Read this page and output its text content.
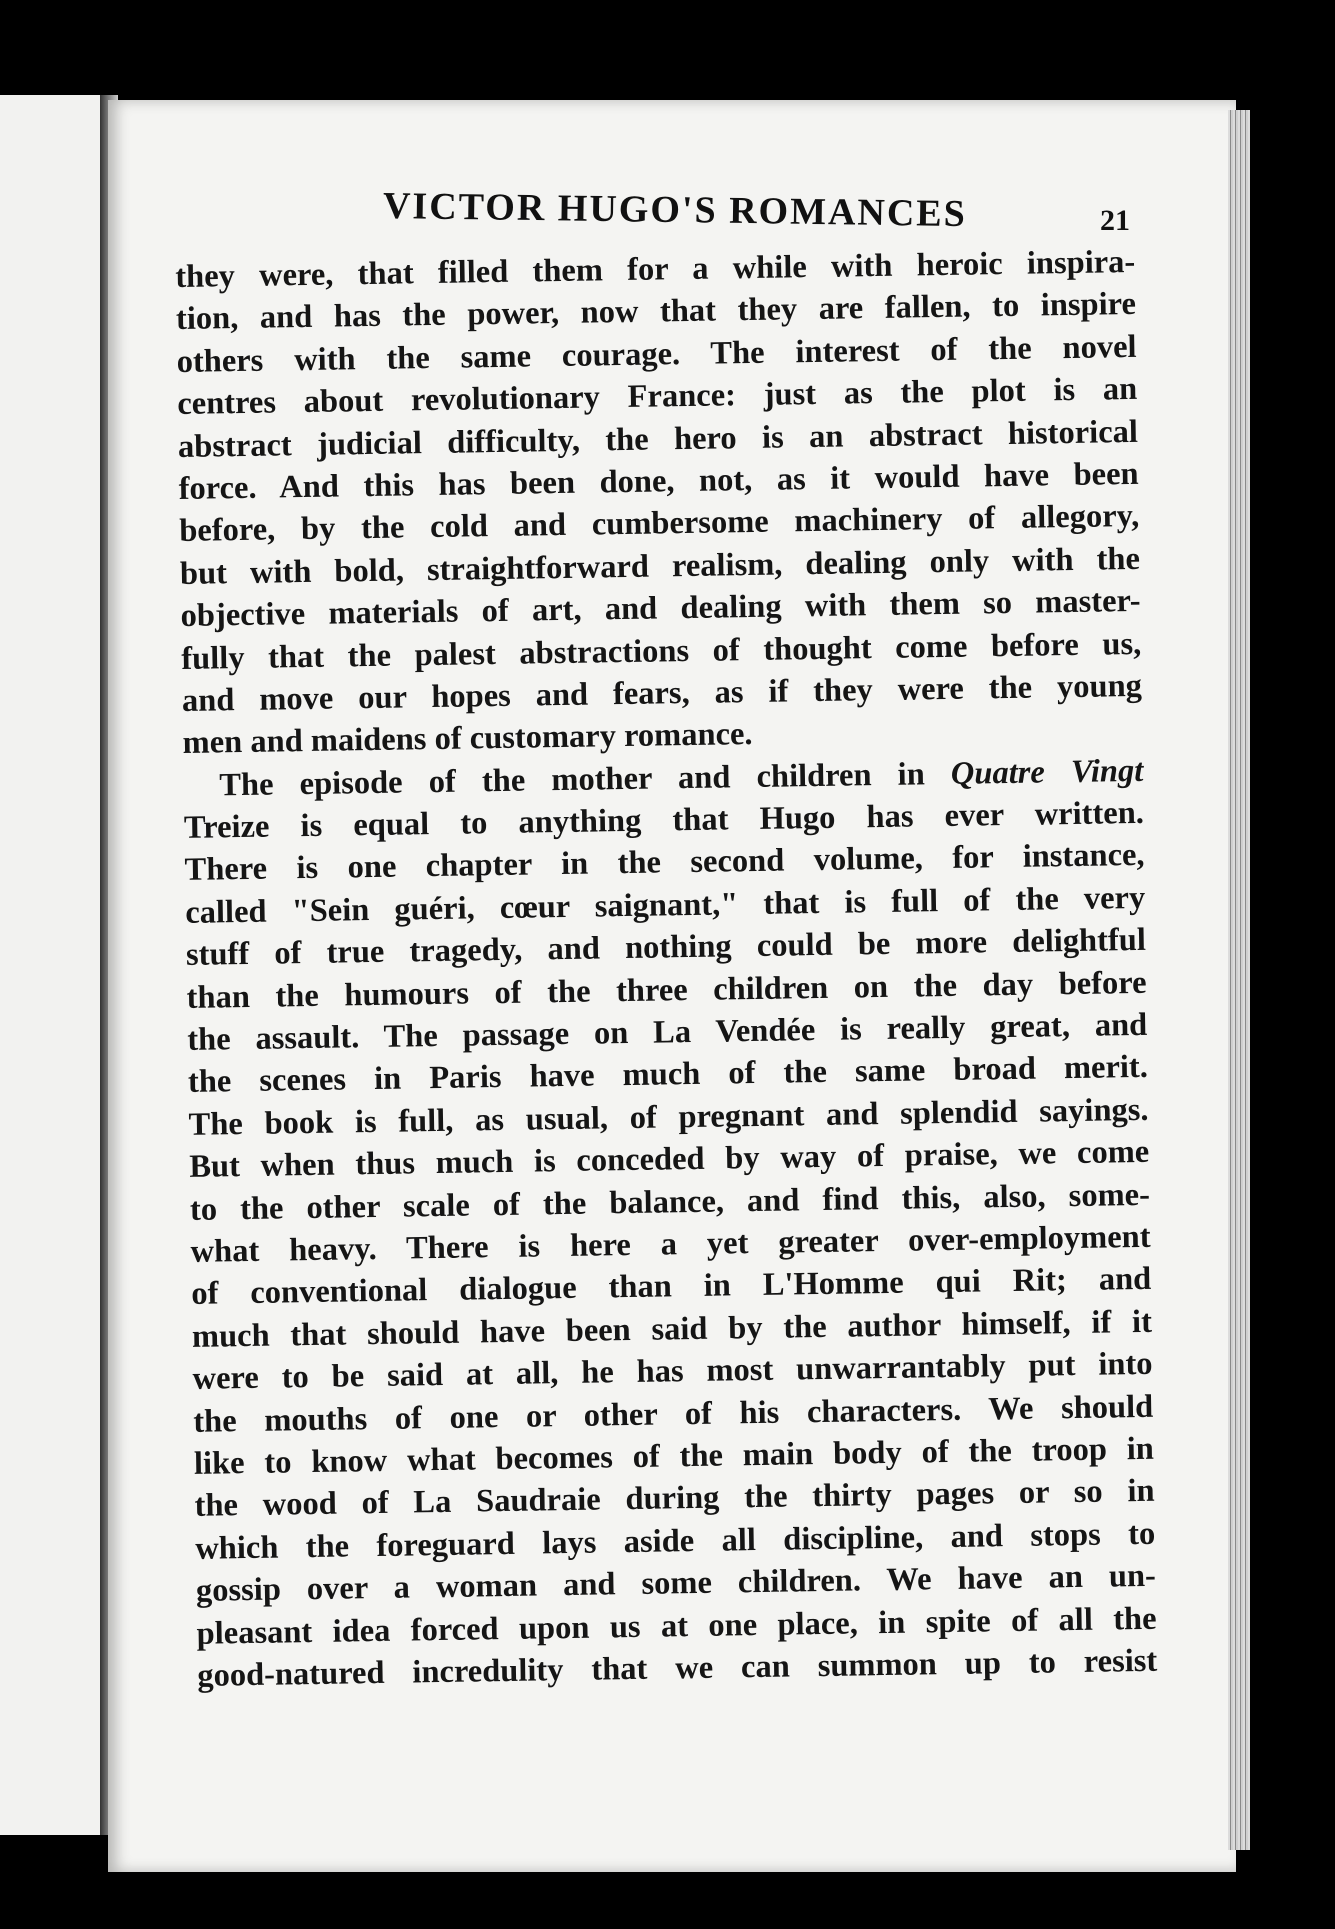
VICTOR HUGO'S ROMANCES	21
they were, that filled them for a while with heroic inspira-
tion, and has the power, now that they are fallen, to inspire
others with the same courage. The interest of the novel
centres about revolutionary France: just as the plot is an
abstract judicial difficulty, the hero is an abstract historical
force. And this has been done, not, as it would have been
before, by the cold and cumbersome machinery of allegory,
but with bold, straightforward realism, dealing only with the
objective materials of art, and dealing with them so master-
fully that the palest abstractions of thought come before us,
and move our hopes and fears, as if they were the young
men and maidens of customary romance.
The episode of the mother and children in Quatre Vingt
Treize is equal to anything that Hugo has ever written.
There is one chapter in the second volume, for instance,
called "Sein guéri, cœur saignant," that is full of the very
stuff of true tragedy, and nothing could be more delightful
than the humours of the three children on the day before
the assault. The passage on La Vendée is really great, and
the scenes in Paris have much of the same broad merit.
The book is full, as usual, of pregnant and splendid sayings.
But when thus much is conceded by way of praise, we come
to the other scale of the balance, and find this, also, some-
what heavy. There is here a yet greater over-employment
of conventional dialogue than in L'Homme qui Rit; and
much that should have been said by the author himself, if it
were to be said at all, he has most unwarrantably put into
the mouths of one or other of his characters. We should
like to know what becomes of the main body of the troop in
the wood of La Saudraie during the thirty pages or so in
which the foreguard lays aside all discipline, and stops to
gossip over a woman and some children. We have an un-
pleasant idea forced upon us at one place, in spite of all the
good-natured incredulity that we can summon up to resist
